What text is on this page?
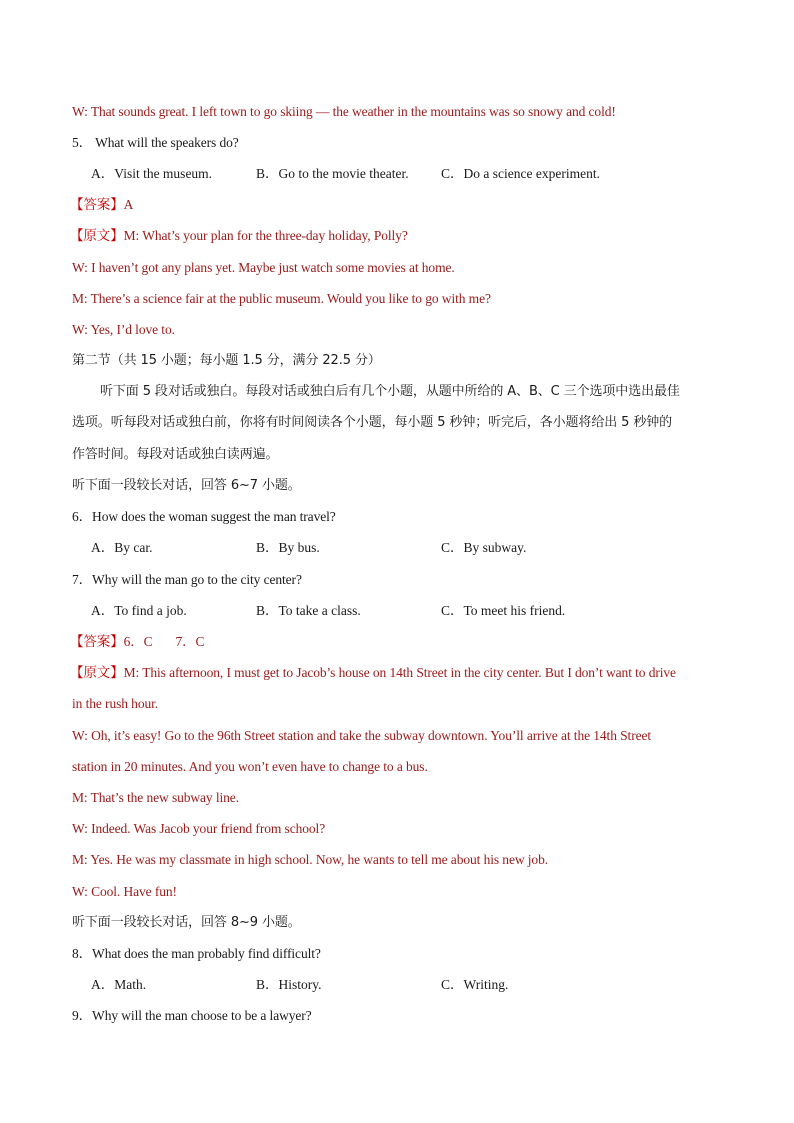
W: That sounds great. I left town to go skiing — the weather in the mountains was so snowy and cold!
5． What will the speakers do?
A．Visit the museum.	B．Go to the movie theater. C．Do a science experiment.
【答案】A
【原文】M: What’s your plan for the three-day holiday, Polly?
W: I haven’t got any plans yet. Maybe just watch some movies at home.
M: There’s a science fair at the public museum. Would you like to go with me?
W: Yes, I’d love to.
第二节（共 15 小题；每小题 1.5 分，满分 22.5 分）
听下面 5 段对话或独白。每段对话或独白后有几个小题，从题中所给的 A、B、C 三个选项中选出最佳
选项。听每段对话或独白前，你将有时间阅读各个小题，每小题 5 秒钟；听完后，各小题将给出 5 秒钟的
作答时间。每段对话或独白读两遍。
听下面一段较长对话，回答 6~7 小题。
6．How does the woman suggest the man travel?
A．By car.	B．By bus.	C．By subway.
7．Why will the man go to the city center?
A．To find a job.	B．To take a class.	C．To meet his friend.
【答案】6．C       7．C
【原文】M: This afternoon, I must get to Jacob’s house on 14th Street in the city center. But I don’t want to drive
in the rush hour.
W: Oh, it’s easy! Go to the 96th Street station and take the subway downtown. You’ll arrive at the 14th Street
station in 20 minutes. And you won’t even have to change to a bus.
M: That’s the new subway line.
W: Indeed. Was Jacob your friend from school?
M: Yes. He was my classmate in high school. Now, he wants to tell me about his new job.
W: Cool. Have fun!
听下面一段较长对话，回答 8~9 小题。
8．What does the man probably find difficult?
A．Math.	B．History.	C．Writing.
9．Why will the man choose to be a lawyer?
